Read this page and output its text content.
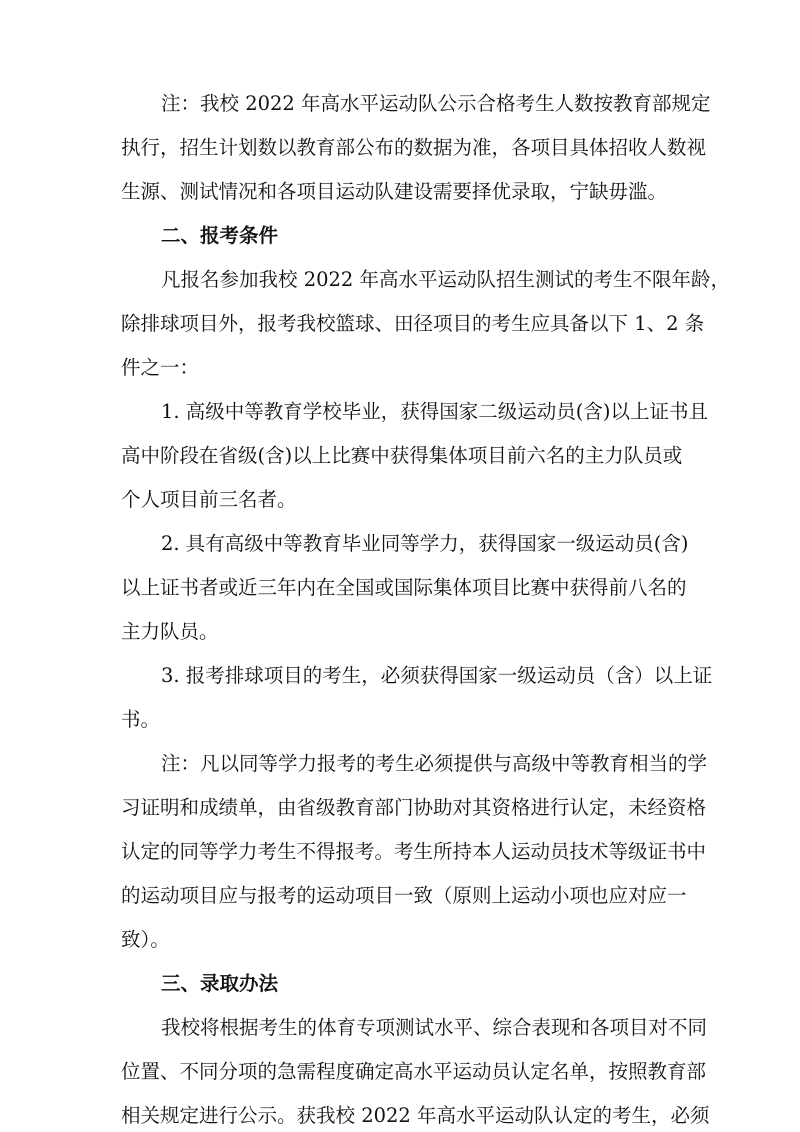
注：我校 2022 年高水平运动队公示合格考生人数按教育部规定
执行，招生计划数以教育部公布的数据为准，各项目具体招收人数视
生源、测试情况和各项目运动队建设需要择优录取，宁缺毋滥。
二、报考条件
凡报名参加我校 2022 年高水平运动队招生测试的考生不限年龄，
除排球项目外，报考我校篮球、田径项目的考生应具备以下 1、2 条
件之一：
1. 高级中等教育学校毕业，获得国家二级运动员(含)以上证书且
高中阶段在省级(含)以上比赛中获得集体项目前六名的主力队员或
个人项目前三名者。
2. 具有高级中等教育毕业同等学力，获得国家一级运动员(含)
以上证书者或近三年内在全国或国际集体项目比赛中获得前八名的
主力队员。
3. 报考排球项目的考生，必须获得国家一级运动员（含）以上证
书。
注：凡以同等学力报考的考生必须提供与高级中等教育相当的学
习证明和成绩单，由省级教育部门协助对其资格进行认定，未经资格
认定的同等学力考生不得报考。考生所持本人运动员技术等级证书中
的运动项目应与报考的运动项目一致（原则上运动小项也应对应一
致）。
三、录取办法
我校将根据考生的体育专项测试水平、综合表现和各项目对不同
位置、不同分项的急需程度确定高水平运动员认定名单，按照教育部
相关规定进行公示。获我校 2022 年高水平运动队认定的考生，必须
